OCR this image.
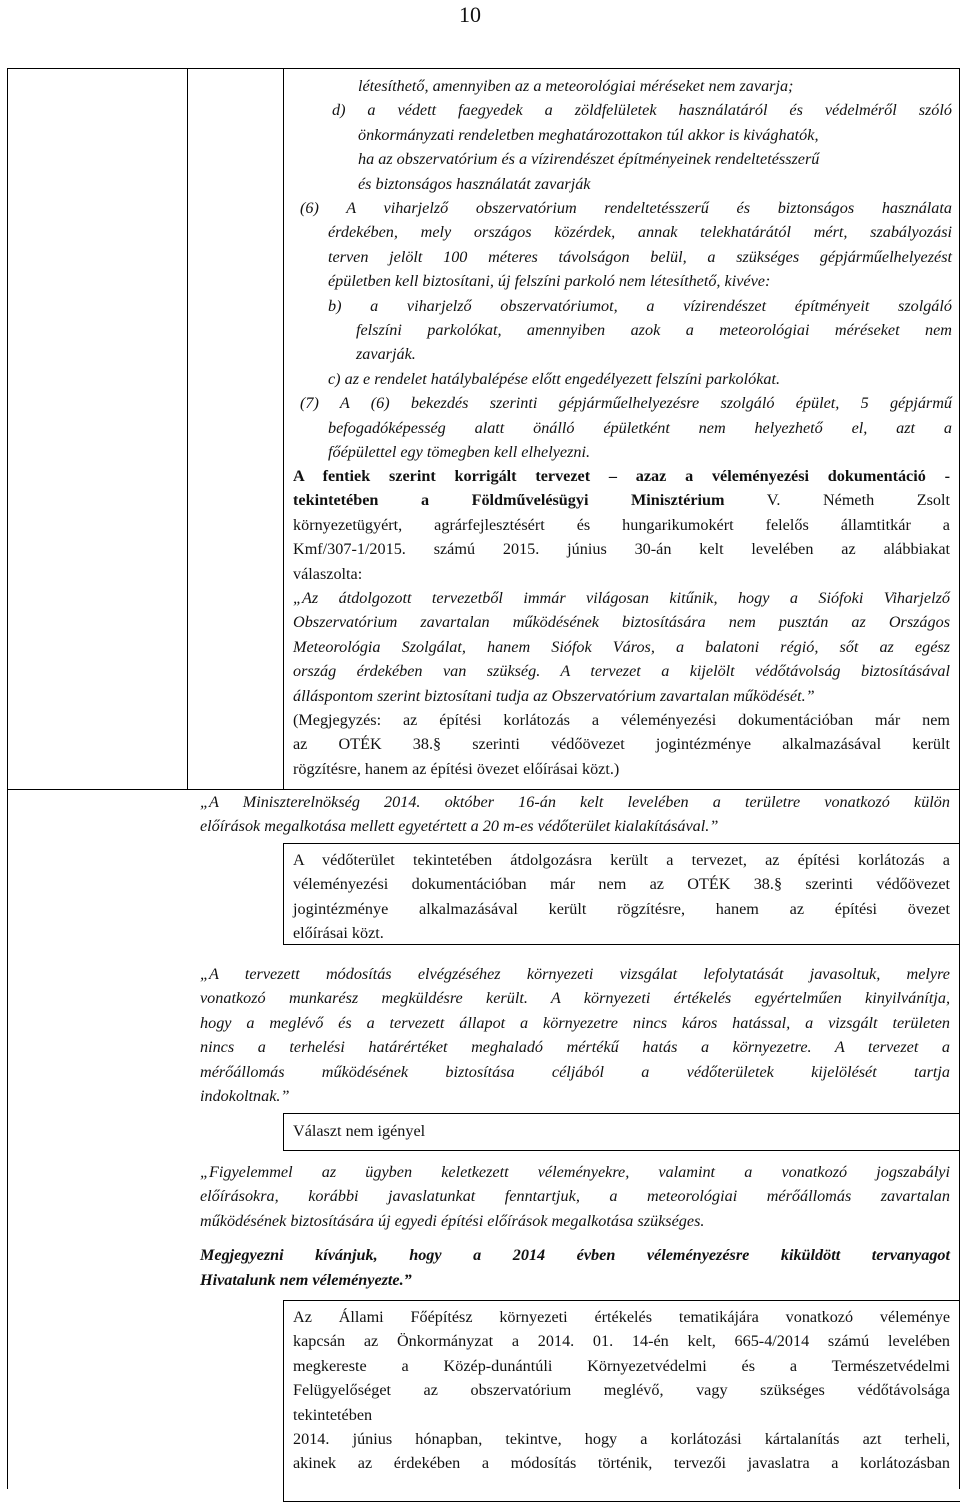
10
létesíthető, amennyiben az a meteorológiai méréseket nem zavarja;
d) a védett faegyedek a zöldfelületek használatáról és védelméről szóló
önkormányzati rendeletben meghatározottakon túl akkor is kivághatók,
ha az obszervatórium és a vízirendészet építményeinek rendeltetésszerű
és biztonságos használatát zavarják
(6) A viharjelző obszervatórium rendeltetésszerű és biztonságos használata
érdekében, mely országos közérdek, annak telekhatárától mért, szabályozási
terven jelölt 100 méteres távolságon belül, a szükséges gépjárműelhelyezést
épületben kell biztosítani, új felszíni parkoló nem létesíthető, kivéve:
b) a viharjelző obszervatóriumot, a vízirendészet építményeit szolgáló
felszíni parkolókat, amennyiben azok a meteorológiai méréseket nem
zavarják.
c) az e rendelet hatálybalépése előtt engedélyezett felszíni parkolókat.
(7) A (6) bekezdés szerinti gépjárműelhelyezésre szolgáló épület, 5 gépjármű
befogadóképesség alatt önálló épületként nem helyezhető el, azt a
főépülettel egy tömegben kell elhelyezni.
A fentiek szerint korrigált tervezet – azaz a véleményezési dokumentáció -
tekintetében a Földművelésügyi Minisztérium V. Németh Zsolt
környezetügyért, agrárfejlesztésért és hungarikumokért felelős államtitkár a
Kmf/307-1/2015. számú 2015. június 30-án kelt levelében az alábbiakat
válaszolta:
„Az átdolgozott tervezetből immár világosan kitűnik, hogy a Siófoki Viharjelző
Obszervatórium zavartalan működésének biztosítására nem pusztán az Országos
Meteorológia Szolgálat, hanem Siófok Város, a balatoni régió, sőt az egész
ország érdekében van szükség. A tervezet a kijelölt védőtávolság biztosításával
álláspontom szerint biztosítani tudja az Obszervatórium zavartalan működését.”
(Megjegyzés: az építési korlátozás a véleményezési dokumentációban már nem
az OTÉK 38.§ szerinti védőövezet jogintézménye alkalmazásával került
rögzítésre, hanem az építési övezet előírásai közt.)
„A Miniszterelnökség 2014. október 16-án kelt levelében a területre vonatkozó külön
előírások megalkotása mellett egyetértett a 20 m-es védőterület kialakításával.”
A védőterület tekintetében átdolgozásra került a tervezet, az építési korlátozás a
véleményezési dokumentációban már nem az OTÉK 38.§ szerinti védőövezet
jogintézménye alkalmazásával került rögzítésre, hanem az építési övezet
előírásai közt.
„A tervezett módosítás elvégzéséhez környezeti vizsgálat lefolytatását javasoltuk, melyre
vonatkozó munkarész megküldésre került. A környezeti értékelés egyértelműen kinyilvánítja,
hogy a meglévő és a tervezett állapot a környezetre nincs káros hatással, a vizsgált területen
nincs a terhelési határértéket meghaladó mértékű hatás a környezetre. A tervezet a
mérőállomás működésének biztosítása céljából a védőterületek kijelölését tartja
indokoltnak.”
Választ nem igényel
„Figyelemmel az ügyben keletkezett véleményekre, valamint a vonatkozó jogszabályi
előírásokra, korábbi javaslatunkat fenntartjuk, a meteorológiai mérőállomás zavartalan
működésének biztosítására új egyedi építési előírások megalkotása szükséges.
Megjegyezni kívánjuk, hogy a 2014 évben véleményezésre kiküldött tervanyagot
Hivatalunk nem véleményezte.”
Az Állami Főépítész környezeti értékelés tematikájára vonatkozó véleménye
kapcsán az Önkormányzat a 2014. 01. 14-én kelt, 665-4/2014 számú levelében
megkereste a Közép-dunántúli Környezetvédelmi és a Természetvédelmi
Felügyelőséget az obszervatórium meglévő, vagy szükséges védőtávolsága
tekintetében
2014. június hónapban, tekintve, hogy a korlátozási kártalanítás azt terheli,
akinek az érdekében a módosítás történik, tervezői javaslatra a korlátozásban
